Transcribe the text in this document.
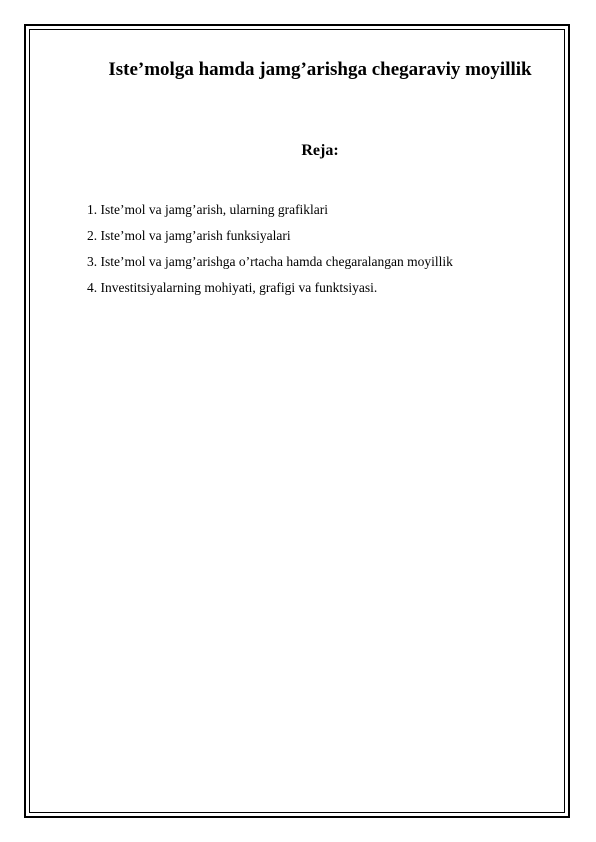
Iste’molga hamda jamg’arishga chegaraviy moyillik
Reja:
1. Iste’mol va jamg’arish, ularning grafiklari
2. Iste’mol va jamg’arish funksiyalari
3. Iste’mol va jamg’arishga o’rtacha hamda chegaralangan moyillik
4. Investitsiyalarning mohiyati, grafigi va funktsiyasi.
